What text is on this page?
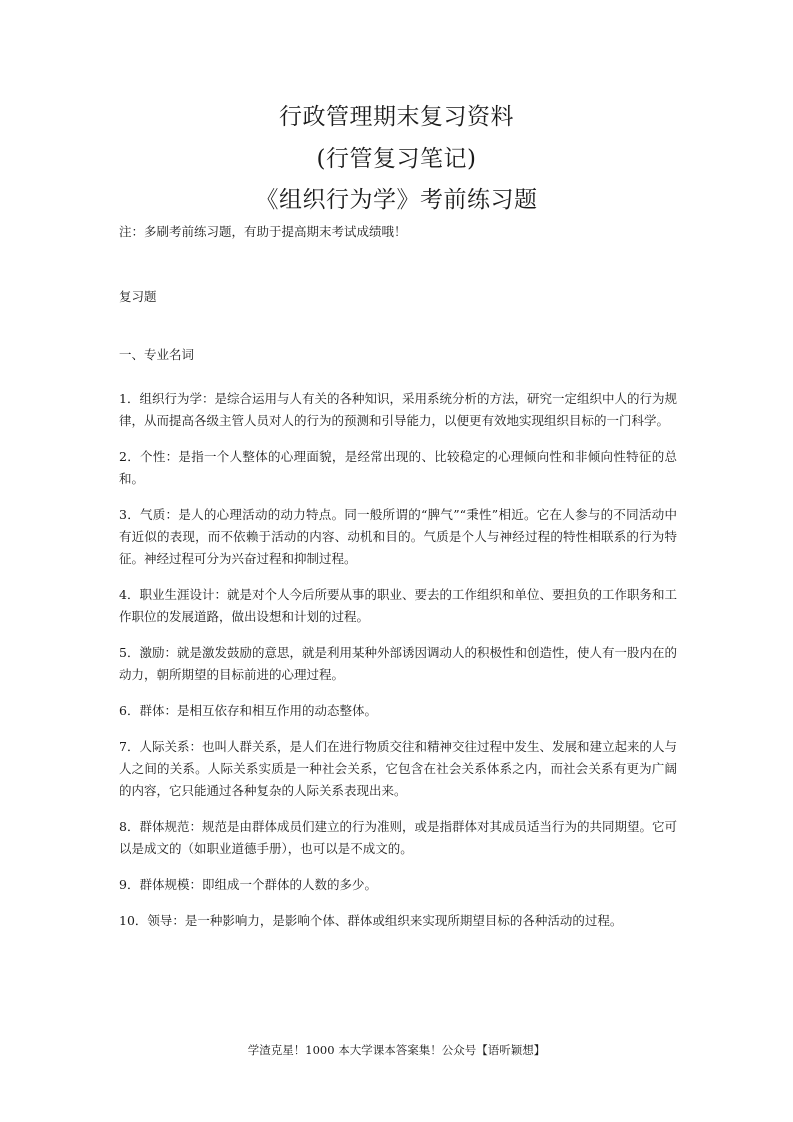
行政管理期末复习资料
(行管复习笔记)
《组织行为学》考前练习题
注：多刷考前练习题，有助于提高期末考试成绩哦！
复习题
一、专业名词

1．组织行为学：是综合运用与人有关的各种知识，采用系统分析的方法，研究一定组织中人的行为规律，从而提高各级主管人员对人的行为的预测和引导能力，以便更有效地实现组织目标的一门科学。

2．个性：是指一个人整体的心理面貌，是经常出现的、比较稳定的心理倾向性和非倾向性特征的总和。

3．气质：是人的心理活动的动力特点。同一般所谓的“脾气”“秉性”相近。它在人参与的不同活动中有近似的表现，而不依赖于活动的内容、动机和目的。气质是个人与神经过程的特性相联系的行为特征。神经过程可分为兴奋过程和抑制过程。

4．职业生涯设计：就是对个人今后所要从事的职业、要去的工作组织和单位、要担负的工作职务和工作职位的发展道路，做出设想和计划的过程。

5．激励：就是激发鼓励的意思，就是利用某种外部诱因调动人的积极性和创造性，使人有一股内在的动力，朝所期望的目标前进的心理过程。

6．群体：是相互依存和相互作用的动态整体。

7．人际关系：也叫人群关系，是人们在进行物质交往和精神交往过程中发生、发展和建立起来的人与人之间的关系。人际关系实质是一种社会关系，它包含在社会关系体系之内，而社会关系有更为广阔的内容，它只能通过各种复杂的人际关系表现出来。

8．群体规范：规范是由群体成员们建立的行为准则，或是指群体对其成员适当行为的共同期望。它可以是成文的（如职业道德手册），也可以是不成文的。

9．群体规模：即组成一个群体的人数的多少。

10．领导：是一种影响力，是影响个体、群体或组织来实现所期望目标的各种活动的过程。

学渣克星！1000 本大学课本答案集！公众号【语听颖想】
